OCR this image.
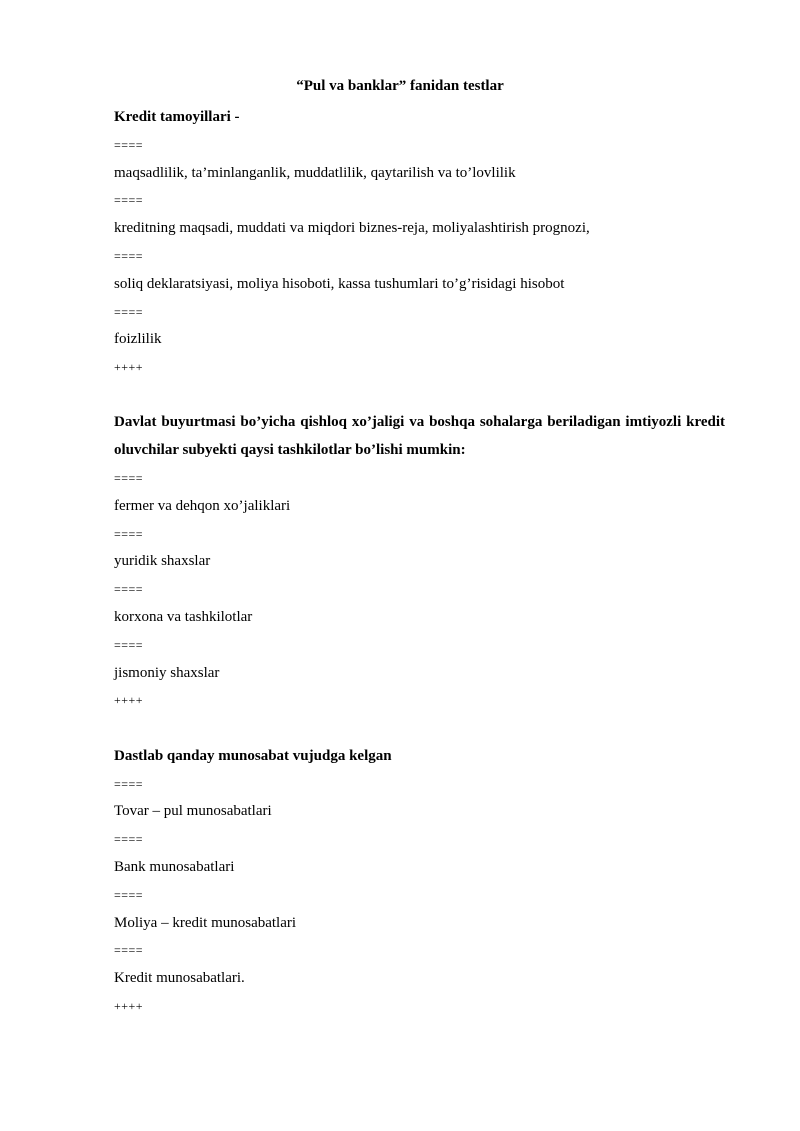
“Pul va banklar” fanidan testlar

Kredit tamoyillari -

====

maqsadlilik, ta’minlanganlik, muddatlilik, qaytarilish va to’lovlilik

====

kreditning maqsadi, muddati va miqdori biznes-reja, moliyalashtirish prognozi,

====

soliq deklaratsiyasi, moliya hisoboti, kassa tushumlari to’g’risidagi hisobot

====

foizlilik

++++

Davlat buyurtmasi bo’yicha qishloq xo’jaligi va boshqa sohalarga beriladigan imtiyozli kredit oluvchilar subyekti qaysi tashkilotlar bo’lishi mumkin:

====

fermer va dehqon xo’jaliklari

====

yuridik shaxslar

====

korxona va tashkilotlar

====

jismoniy shaxslar

++++

Dastlab qanday munosabat vujudga kelgan

====

Tovar – pul munosabatlari

====

Bank munosabatlari

====

Moliya – kredit munosabatlari

====

Kredit munosabatlari.

++++
